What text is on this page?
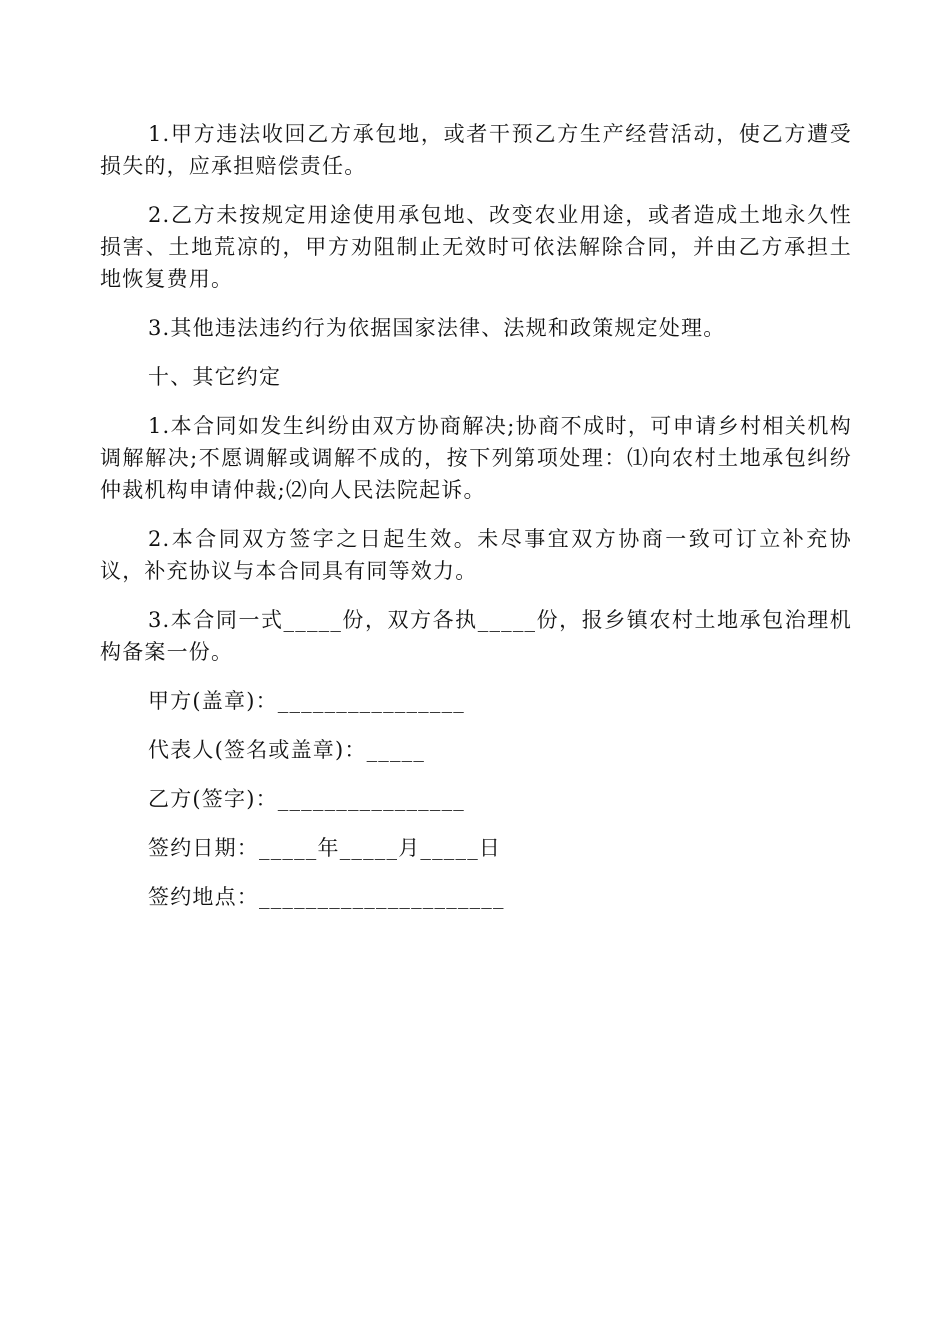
1.甲方违法收回乙方承包地，或者干预乙方生产经营活动，使乙方遭受损失的，应承担赔偿责任。

2.乙方未按规定用途使用承包地、改变农业用途，或者造成土地永久性损害、土地荒凉的，甲方劝阻制止无效时可依法解除合同，并由乙方承担土地恢复费用。

3.其他违法违约行为依据国家法律、法规和政策规定处理。

十、其它约定

1.本合同如发生纠纷由双方协商解决;协商不成时，可申请乡村相关机构调解解决;不愿调解或调解不成的，按下列第项处理：⑴向农村土地承包纠纷仲裁机构申请仲裁;⑵向人民法院起诉。

2.本合同双方签字之日起生效。未尽事宜双方协商一致可订立补充协议，补充协议与本合同具有同等效力。

3.本合同一式_____份，双方各执_____份，报乡镇农村土地承包治理机构备案一份。

甲方(盖章)：________________
代表人(签名或盖章)：_____
乙方(签字)：________________
签约日期：_____年_____月_____日
签约地点：_____________________
